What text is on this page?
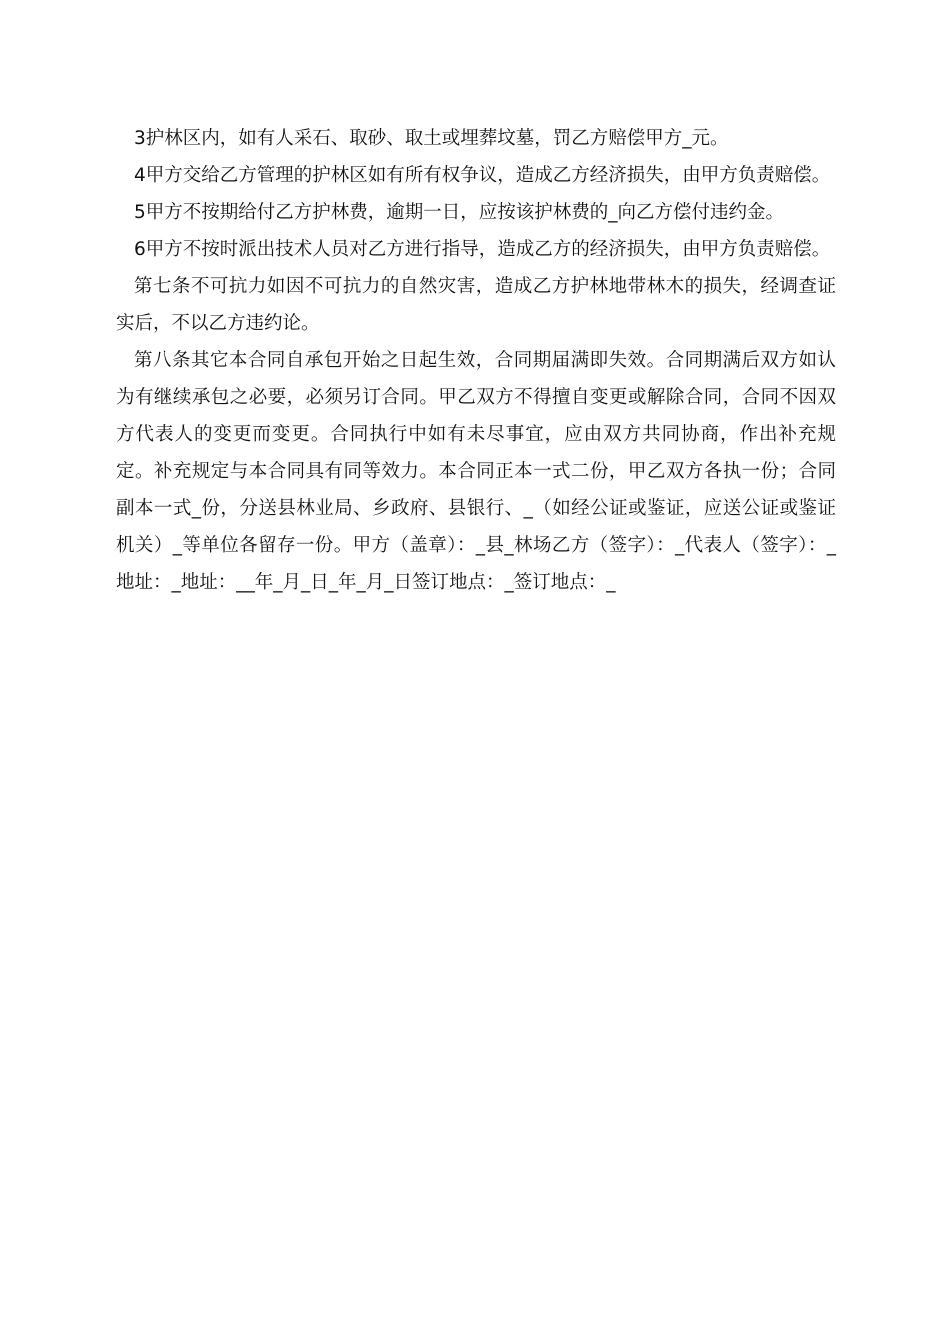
3护林区内，如有人采石、取砂、取土或埋葬坟墓，罚乙方赔偿甲方_元。

4甲方交给乙方管理的护林区如有所有权争议，造成乙方经济损失，由甲方负责赔偿。

5甲方不按期给付乙方护林费，逾期一日，应按该护林费的_向乙方偿付违约金。

6甲方不按时派出技术人员对乙方进行指导，造成乙方的经济损失，由甲方负责赔偿。

第七条不可抗力如因不可抗力的自然灾害，造成乙方护林地带林木的损失，经调查证实后，不以乙方违约论。

第八条其它本合同自承包开始之日起生效，合同期届满即失效。合同期满后双方如认为有继续承包之必要，必须另订合同。甲乙双方不得擅自变更或解除合同，合同不因双方代表人的变更而变更。合同执行中如有未尽事宜，应由双方共同协商，作出补充规定。补充规定与本合同具有同等效力。本合同正本一式二份，甲乙双方各执一份；合同副本一式_份，分送县林业局、乡政府、县银行、_（如经公证或鉴证，应送公证或鉴证机关）_等单位各留存一份。甲方（盖章）：_县_林场乙方（签字）：_代表人（签字）：_地址：_地址：__年_月_日_年_月_日签订地点：_签订地点：_
